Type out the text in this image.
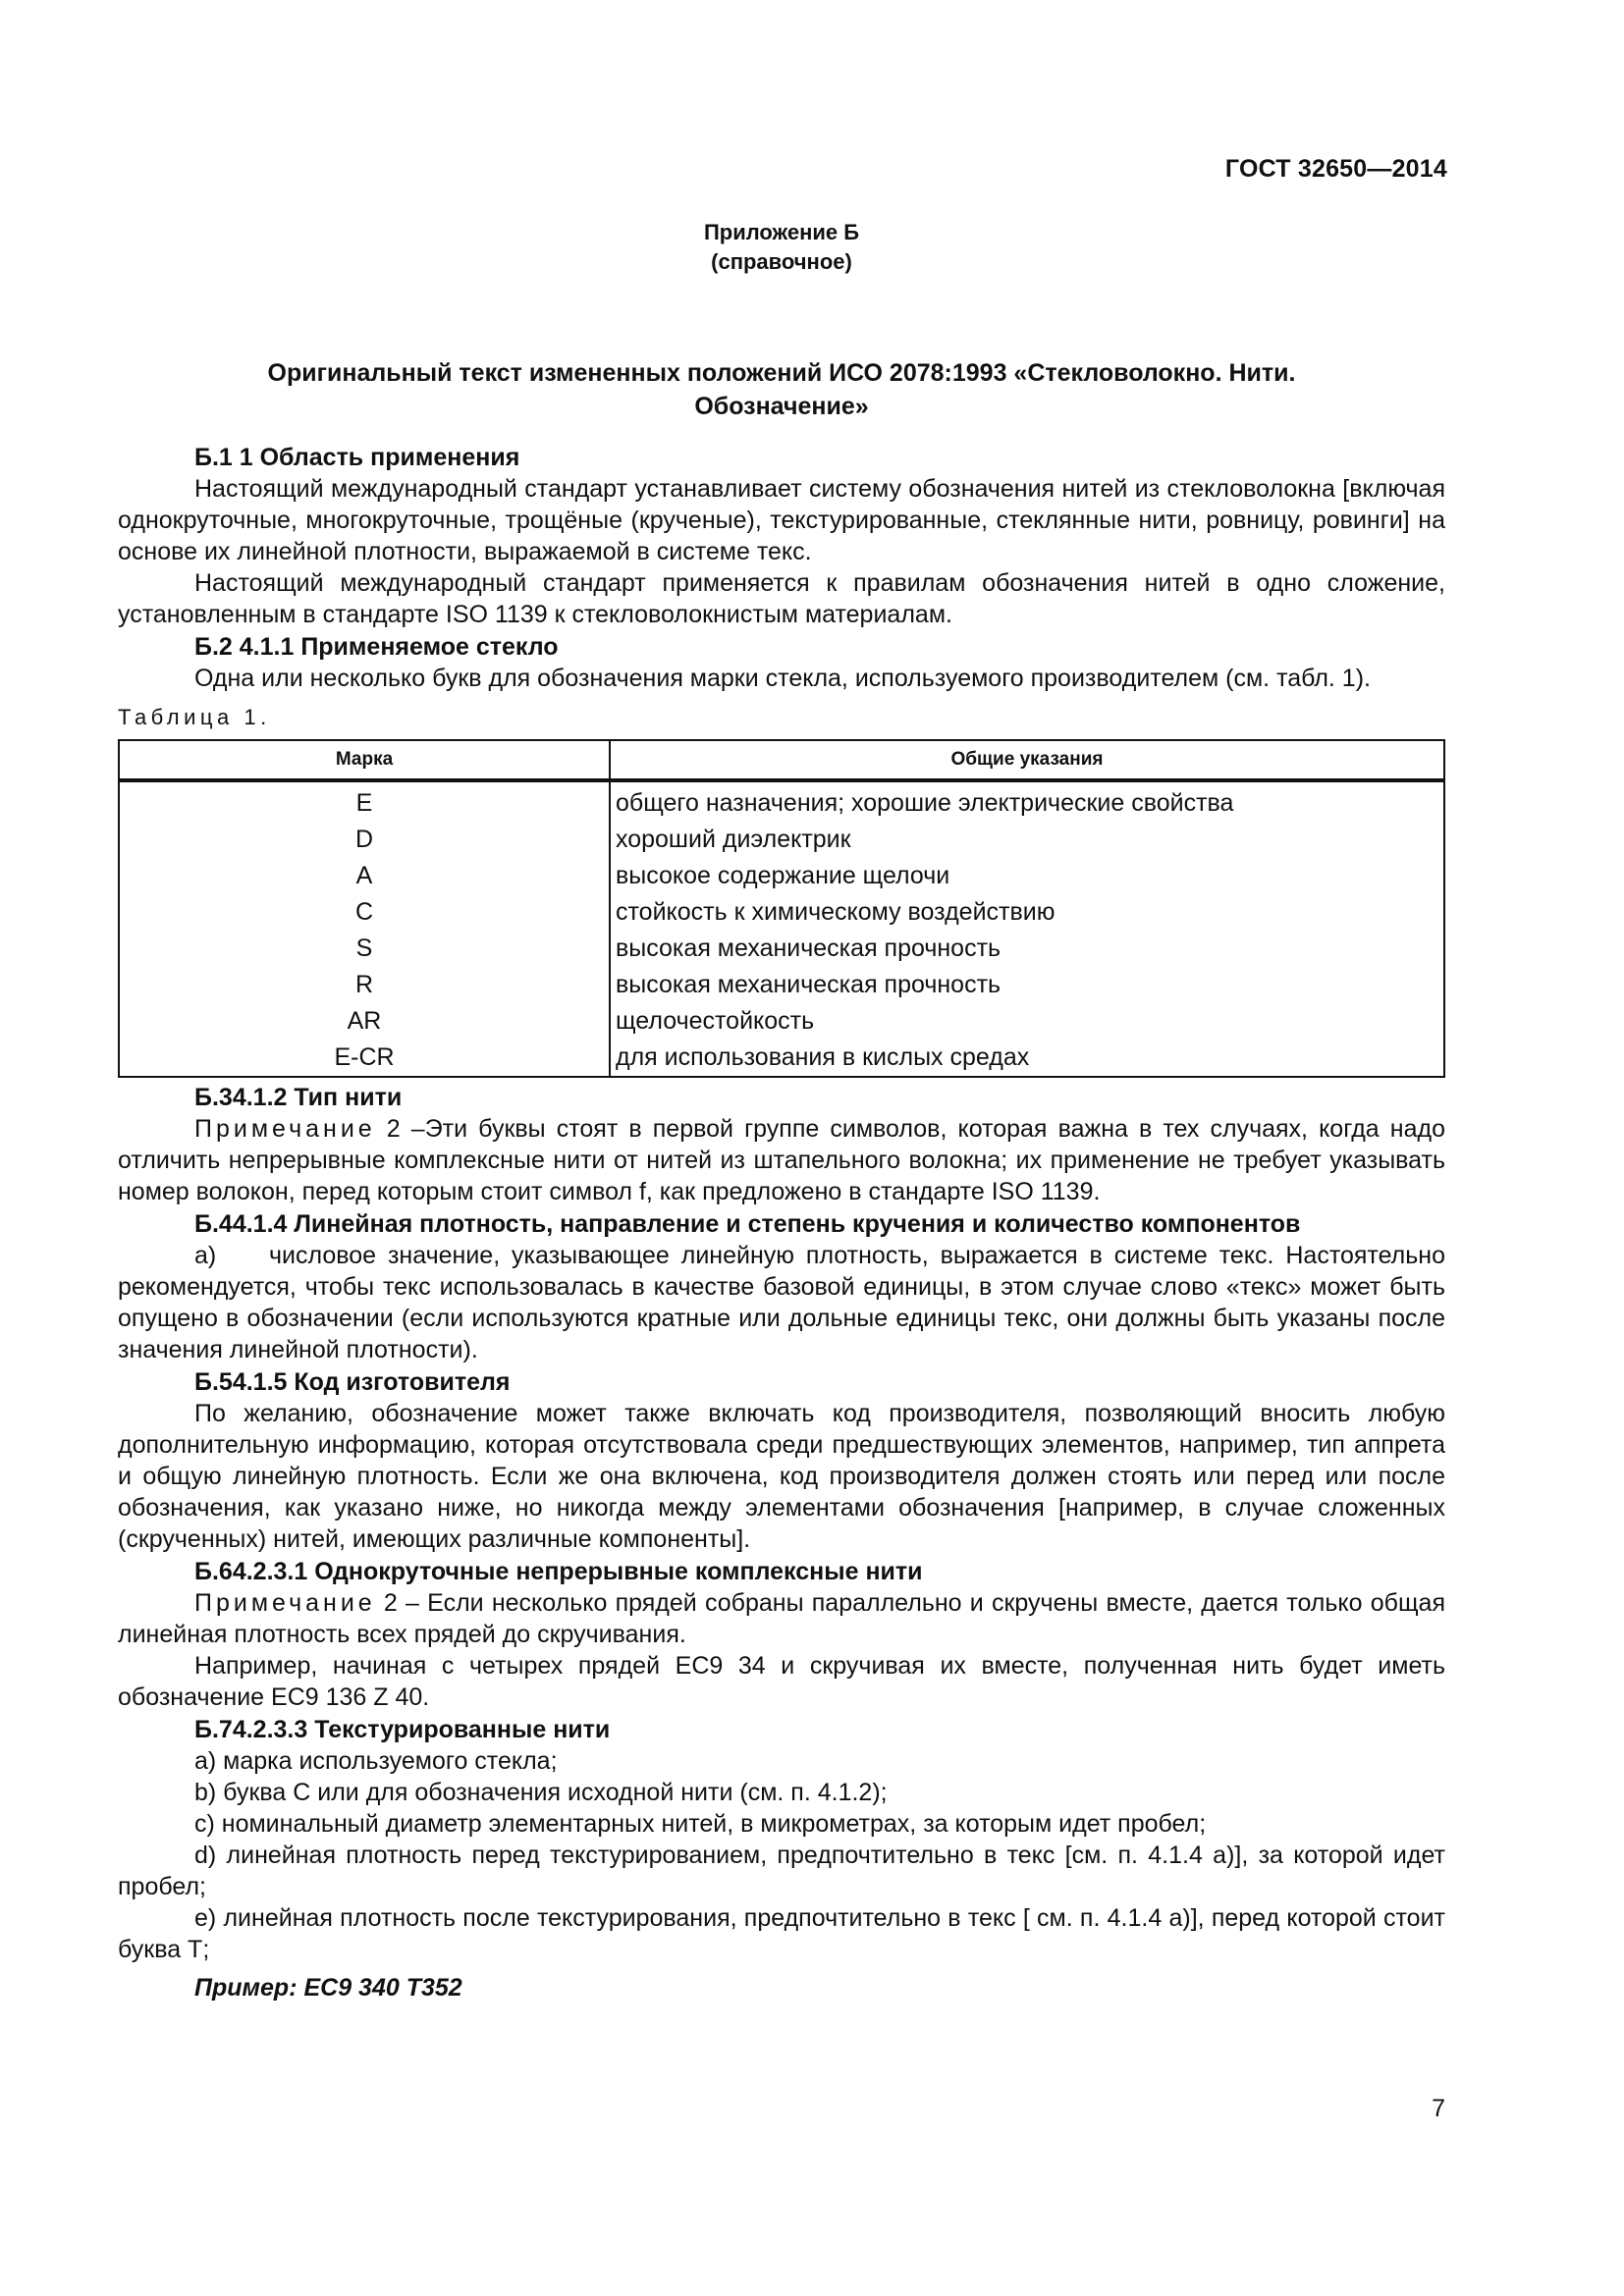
ГОСТ 32650—2014
Приложение Б
(справочное)
Оригинальный текст измененных положений ИСО 2078:1993 «Стекловолокно. Нити.
Обозначение»

Б.1 1 Область применения

Настоящий международный стандарт устанавливает систему обозначения нитей из стекловолокна [включая однокруточные, многокруточные, трощёные (крученые), текстурированные, стеклянные нити, ровницу, ровинги] на основе их линейной плотности, выражаемой в системе текс.

Настоящий международный стандарт применяется к правилам обозначения нитей в одно сложение, установленным в стандарте ISO 1139 к стекловолокнистым материалам.

Б.2 4.1.1 Применяемое стекло

Одна или несколько букв для обозначения марки стекла, используемого производителем (см. табл. 1).

Таблица 1.
Марка	Общие указания
E	общего назначения; хорошие электрические свойства
D	хороший диэлектрик
A	высокое содержание щелочи
C	стойкость к химическому воздействию
S	высокая механическая прочность
R	высокая механическая прочность
AR	щелочестойкость
E-CR	для использования в кислых средах

Б.34.1.2 Тип нити

Примечание 2 –Эти буквы стоят в первой группе символов, которая важна в тех случаях, когда надо отличить непрерывные комплексные нити от нитей из штапельного волокна; их применение не требует указывать номер волокон, перед которым стоит символ f, как предложено в стандарте ISO 1139.

Б.44.1.4 Линейная плотность, направление и степень кручения и количество компонентов

а) числовое значение, указывающее линейную плотность, выражается в системе текс. Настоятельно рекомендуется, чтобы текс использовалась в качестве базовой единицы, в этом случае слово «текс» может быть опущено в обозначении (если используются кратные или дольные единицы текс, они должны быть указаны после значения линейной плотности).

Б.54.1.5 Код изготовителя

По желанию, обозначение может также включать код производителя, позволяющий вносить любую дополнительную информацию, которая отсутствовала среди предшествующих элементов, например, тип аппрета и общую линейную плотность. Если же она включена, код производителя должен стоять или перед или после обозначения, как указано ниже, но никогда между элементами обозначения [например, в случае сложенных (скрученных) нитей, имеющих различные компоненты].

Б.64.2.3.1 Однокруточные непрерывные комплексные нити

Примечание 2 – Если несколько прядей собраны параллельно и скручены вместе, дается только общая линейная плотность всех прядей до скручивания.

Например, начиная с четырех прядей EC9 34 и скручивая их вместе, полученная нить будет иметь обозначение EC9 136 Z 40.

Б.74.2.3.3 Текстурированные нити

а) марка используемого стекла;

b) буква С или для обозначения исходной нити (см. п. 4.1.2);

с) номинальный диаметр элементарных нитей, в микрометрах, за которым идет пробел;

d) линейная плотность перед текстурированием, предпочтительно в текс [см. п. 4.1.4 a)], за которой идет пробел;

е) линейная плотность после текстурирования, предпочтительно в текс [ см. п. 4.1.4 a)], перед которой стоит буква Т;

Пример: EC9 340 T352

7
